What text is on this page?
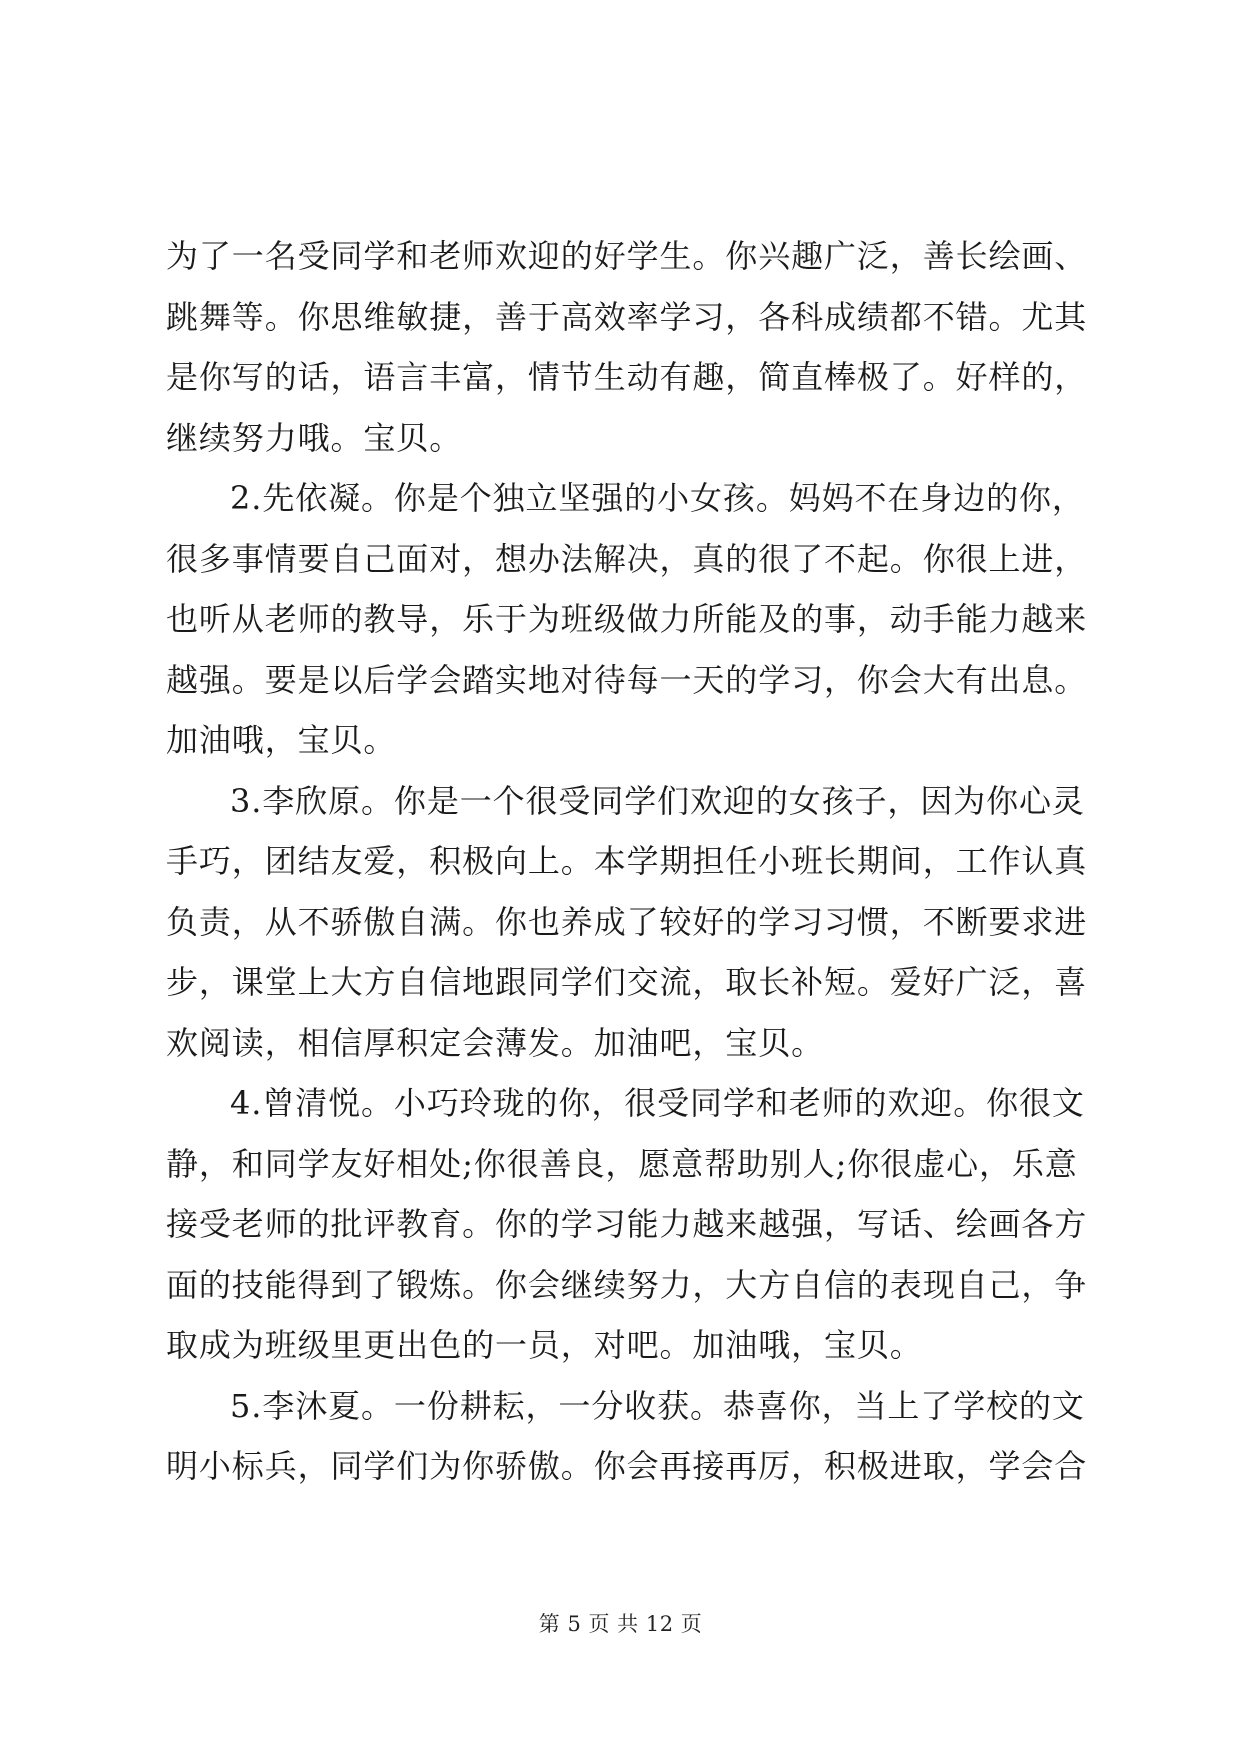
为了一名受同学和老师欢迎的好学生。你兴趣广泛，善长绘画、
跳舞等。你思维敏捷，善于高效率学习，各科成绩都不错。尤其
是你写的话，语言丰富，情节生动有趣，简直棒极了。好样的，
继续努力哦。宝贝。
2.先依凝。你是个独立坚强的小女孩。妈妈不在身边的你，
很多事情要自己面对，想办法解决，真的很了不起。你很上进，
也听从老师的教导，乐于为班级做力所能及的事，动手能力越来
越强。要是以后学会踏实地对待每一天的学习，你会大有出息。
加油哦，宝贝。
3.李欣原。你是一个很受同学们欢迎的女孩子，因为你心灵
手巧，团结友爱，积极向上。本学期担任小班长期间，工作认真
负责，从不骄傲自满。你也养成了较好的学习习惯，不断要求进
步，课堂上大方自信地跟同学们交流，取长补短。爱好广泛，喜
欢阅读，相信厚积定会薄发。加油吧，宝贝。
4.曾清悦。小巧玲珑的你，很受同学和老师的欢迎。你很文
静，和同学友好相处;你很善良，愿意帮助别人;你很虚心，乐意
接受老师的批评教育。你的学习能力越来越强，写话、绘画各方
面的技能得到了锻炼。你会继续努力，大方自信的表现自己，争
取成为班级里更出色的一员，对吧。加油哦，宝贝。
5.李沐夏。一份耕耘，一分收获。恭喜你，当上了学校的文
明小标兵，同学们为你骄傲。你会再接再厉，积极进取，学会合
第 5 页 共 12 页
